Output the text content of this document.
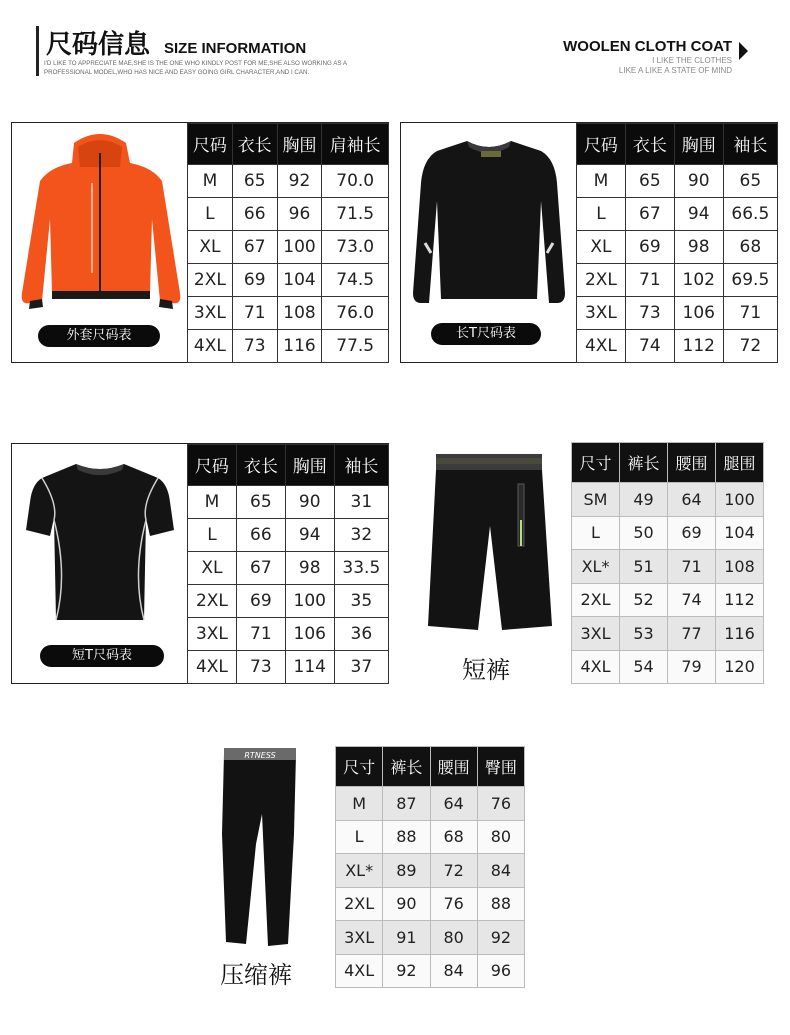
尺码信息 SIZE INFORMATION
I'D LIKE TO APPRECIATE MAE,SHE IS THE ONE WHO KINDLY POST FOR ME,SHE ALSO WORKING AS A PROFESSIONAL MODEL,WHO HAS NICE AND EASY GOING GIRL CHARACTER,AND I CAN.
WOOLEN CLOTH COAT
I LIKE THE CLOTHES
LIKE A LIKE A STATE OF MIND
外套尺码表
尺码	衣长	胸围	肩袖长
M	65	92	70.0
L	66	96	71.5
XL	67	100	73.0
2XL	69	104	74.5
3XL	71	108	76.0
4XL	73	116	77.5
长T尺码表
尺码	衣长	胸围	袖长
M	65	90	65
L	67	94	66.5
XL	69	98	68
2XL	71	102	69.5
3XL	73	106	71
4XL	74	112	72
短T尺码表
尺码	衣长	胸围	袖长
M	65	90	31
L	66	94	32
XL	67	98	33.5
2XL	69	100	35
3XL	71	106	36
4XL	73	114	37	短裤
尺寸	裤长	腰围	腿围
SM	49	64	100
L	50	69	104
XL*	51	71	108
2XL	52	74	112
3XL	53	77	116
4XL	54	79	120
RTNESS
压缩裤
尺寸	裤长	腰围	臀围
M	87	64	76
L	88	68	80
XL*	89	72	84
2XL	90	76	88
3XL	91	80	92
4XL	92	84	96
